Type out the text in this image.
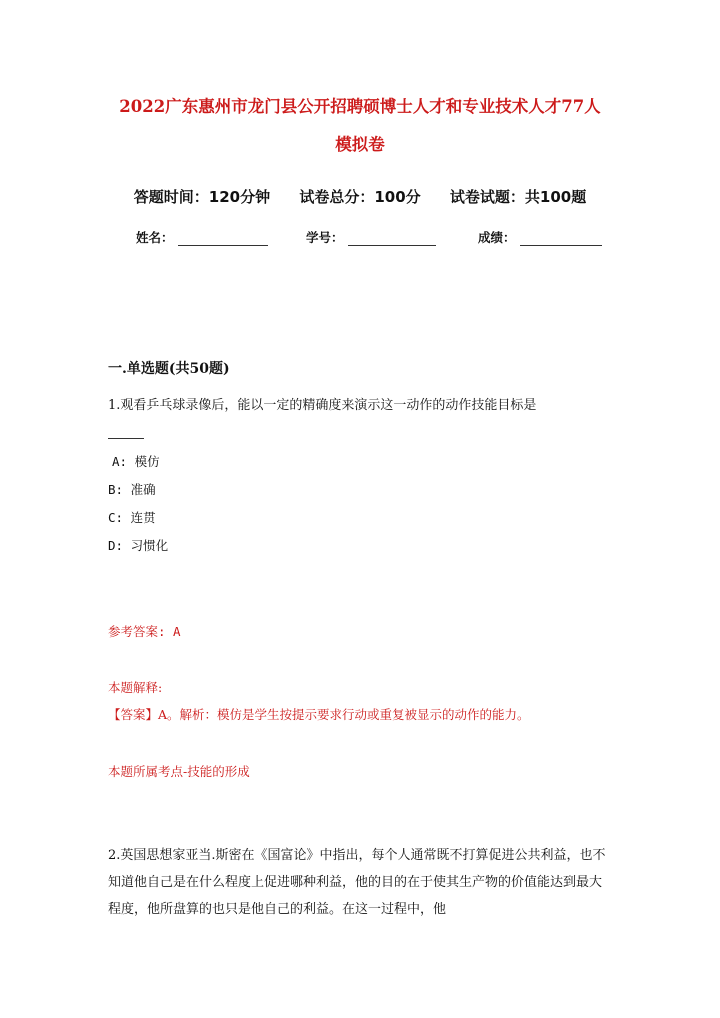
2022广东惠州市龙门县公开招聘硕博士人才和专业技术人才77人
模拟卷
答题时间：120分钟 试卷总分：100分 试卷试题：共100题
姓名：	学号：	成绩：
一.单选题(共50题)
1.观看乒乓球录像后，能以一定的精确度来演示这一动作的动作技能目标是
A: 模仿
B: 准确
C: 连贯
D: 习惯化
参考答案: A
本题解释:
【答案】A。解析：模仿是学生按提示要求行动或重复被显示的动作的能力。
本题所属考点-技能的形成
2.英国思想家亚当.斯密在《国富论》中指出，每个人通常既不打算促进公共利益，也不知道他自己是在什么程度上促进哪种利益，他的目的在于使其生产物的价值能达到最大程度，他所盘算的也只是他自己的利益。在这一过程中，他
